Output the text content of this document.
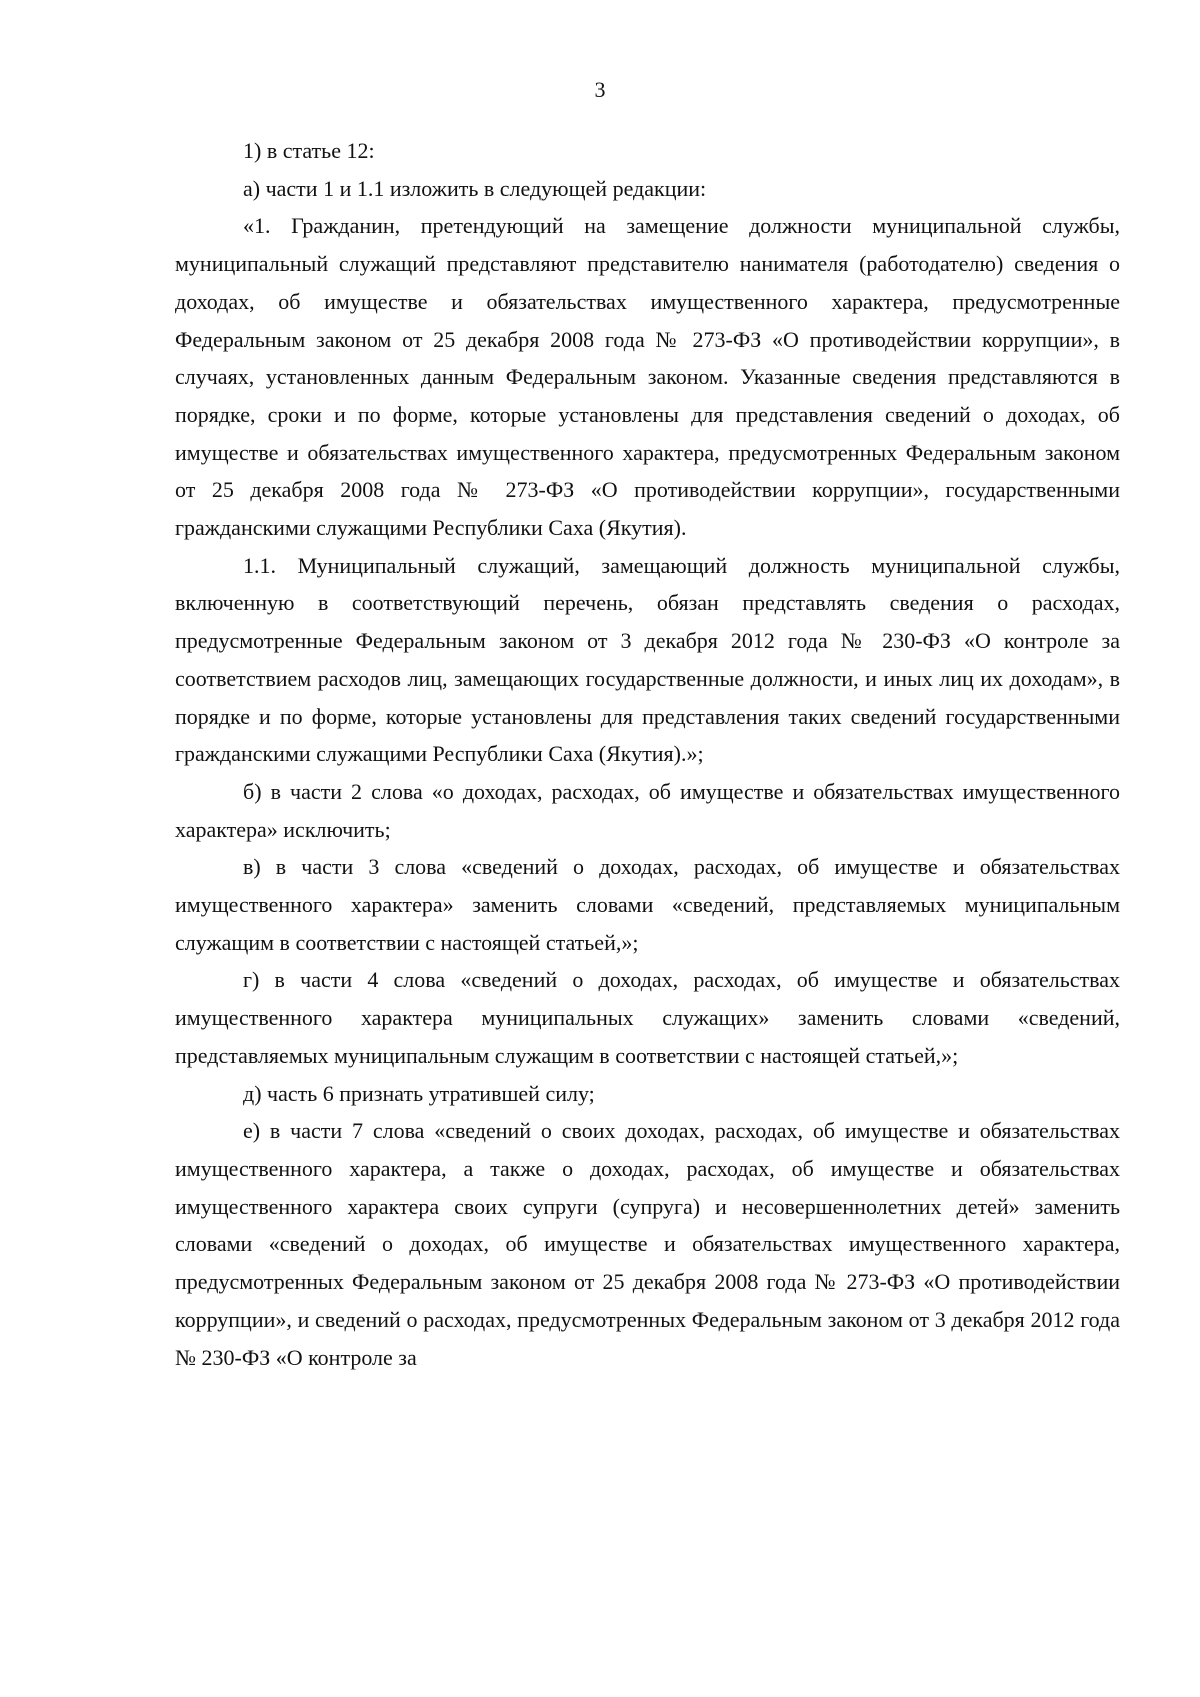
3

1) в статье 12:

а) части 1 и 1.1 изложить в следующей редакции:

«1. Гражданин, претендующий на замещение должности муниципальной службы, муниципальный служащий представляют представителю нанимателя (работодателю) сведения о доходах, об имуществе и обязательствах имущественного характера, предусмотренные Федеральным законом от 25 декабря 2008 года № 273-ФЗ «О противодействии коррупции», в случаях, установленных данным Федеральным законом. Указанные сведения представляются в порядке, сроки и по форме, которые установлены для представления сведений о доходах, об имуществе и обязательствах имущественного характера, предусмотренных Федеральным законом от 25 декабря 2008 года № 273-ФЗ «О противодействии коррупции», государственными гражданскими служащими Республики Саха (Якутия).

1.1. Муниципальный служащий, замещающий должность муниципальной службы, включенную в соответствующий перечень, обязан представлять сведения о расходах, предусмотренные Федеральным законом от 3 декабря 2012 года № 230-ФЗ «О контроле за соответствием расходов лиц, замещающих государственные должности, и иных лиц их доходам», в порядке и по форме, которые установлены для представления таких сведений государственными гражданскими служащими Республики Саха (Якутия).»;

б) в части 2 слова «о доходах, расходах, об имуществе и обязательствах имущественного характера» исключить;

в) в части 3 слова «сведений о доходах, расходах, об имуществе и обязательствах имущественного характера» заменить словами «сведений, представляемых муниципальным служащим в соответствии с настоящей статьей,»;

г) в части 4 слова «сведений о доходах, расходах, об имуществе и обязательствах имущественного характера муниципальных служащих» заменить словами «сведений, представляемых муниципальным служащим в соответствии с настоящей статьей,»;

д) часть 6 признать утратившей силу;

е) в части 7 слова «сведений о своих доходах, расходах, об имуществе и обязательствах имущественного характера, а также о доходах, расходах, об имуществе и обязательствах имущественного характера своих супруги (супруга) и несовершеннолетних детей» заменить словами «сведений о доходах, об имуществе и обязательствах имущественного характера, предусмотренных Федеральным законом от 25 декабря 2008 года № 273-ФЗ «О противодействии коррупции», и сведений о расходах, предусмотренных Федеральным законом от 3 декабря 2012 года № 230-ФЗ «О контроле за
